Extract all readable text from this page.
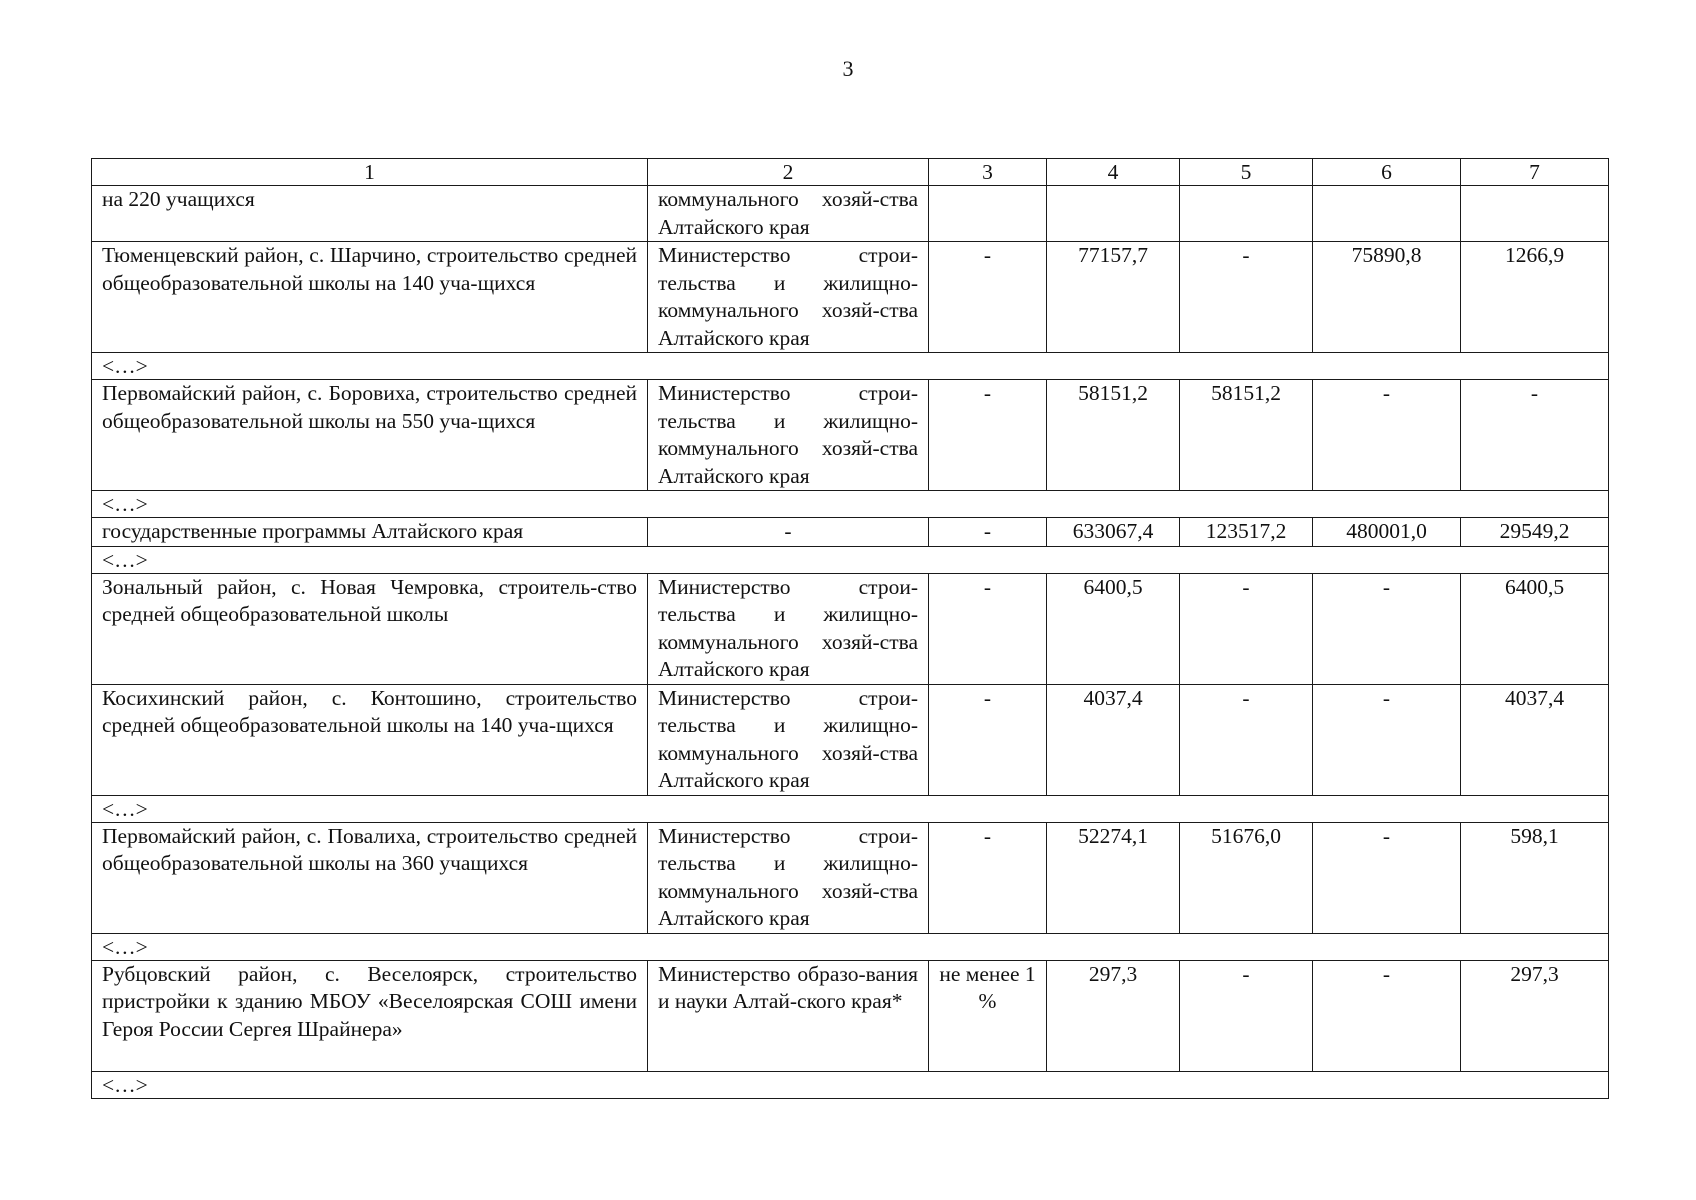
3
1	2	3	4	5	6	7
на 220 учащихся	коммунального хозяй-ства Алтайского края					
Тюменцевский район, с. Шарчино, строительство средней общеобразовательной школы на 140 уча-щихся	Министерство строи-тельства и жилищно-коммунального хозяй-ства Алтайского края	-	77157,7	-	75890,8	1266,9
<…>						
Первомайский район, с. Боровиха, строительство средней общеобразовательной школы на 550 уча-щихся	Министерство строи-тельства и жилищно-коммунального хозяй-ства Алтайского края	-	58151,2	58151,2	-	-
<…>						
государственные программы Алтайского края	-	-	633067,4	123517,2	480001,0	29549,2
<…>						
Зональный район, с. Новая Чемровка, строитель-ство средней общеобразовательной школы	Министерство строи-тельства и жилищно-коммунального хозяй-ства Алтайского края	-	6400,5	-	-	6400,5
Косихинский район, с. Контошино, строительство средней общеобразовательной школы на 140 уча-щихся	Министерство строи-тельства и жилищно-коммунального хозяй-ства Алтайского края	-	4037,4	-	-	4037,4
<…>						
Первомайский район, с. Повалиха, строительство средней общеобразовательной школы на 360 учащихся	Министерство строи-тельства и жилищно-коммунального хозяй-ства Алтайского края	-	52274,1	51676,0	-	598,1
<…>						
Рубцовский район, с. Веселоярск, строительство пристройки к зданию МБОУ «Веселоярская СОШ имени Героя России Сергея Шрайнера»	Министерство образо-вания и науки Алтай-ского края*	не менее 1 %	297,3	-	-	297,3
<…>						
